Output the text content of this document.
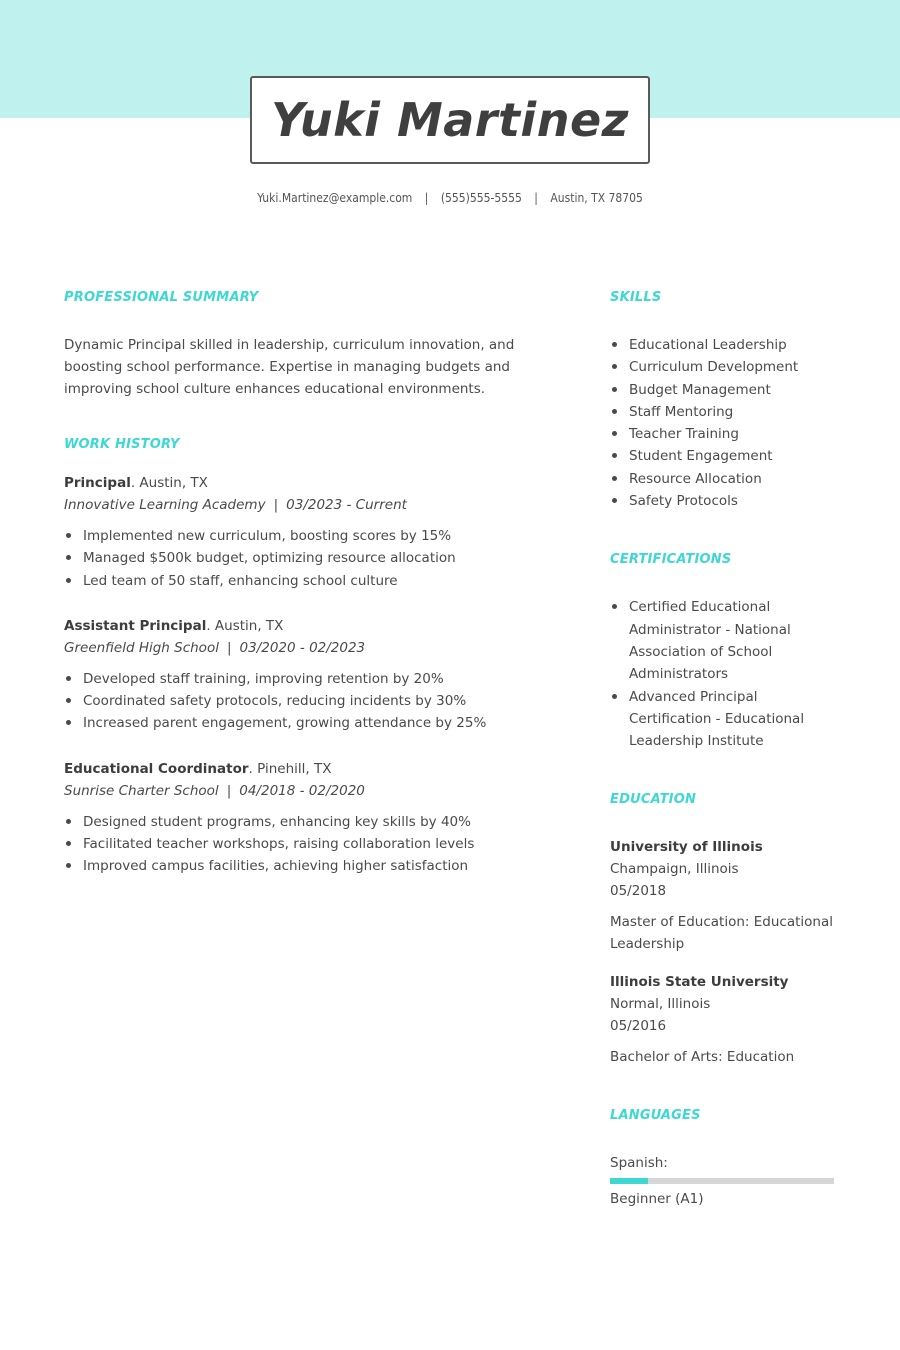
Yuki Martinez
Yuki.Martinez@example.com | (555)555-5555 | Austin, TX 78705
PROFESSIONAL SUMMARY
Dynamic Principal skilled in leadership, curriculum innovation, and boosting school performance. Expertise in managing budgets and improving school culture enhances educational environments.
WORK HISTORY
Principal. Austin, TX
Innovative Learning Academy | 03/2023 - Current
Implemented new curriculum, boosting scores by 15%
Managed $500k budget, optimizing resource allocation
Led team of 50 staff, enhancing school culture
Assistant Principal. Austin, TX
Greenfield High School | 03/2020 - 02/2023
Developed staff training, improving retention by 20%
Coordinated safety protocols, reducing incidents by 30%
Increased parent engagement, growing attendance by 25%
Educational Coordinator. Pinehill, TX
Sunrise Charter School | 04/2018 - 02/2020
Designed student programs, enhancing key skills by 40%
Facilitated teacher workshops, raising collaboration levels
Improved campus facilities, achieving higher satisfaction
SKILLS
Educational Leadership
Curriculum Development
Budget Management
Staff Mentoring
Teacher Training
Student Engagement
Resource Allocation
Safety Protocols
CERTIFICATIONS
Certified Educational Administrator - National Association of School Administrators
Advanced Principal Certification - Educational Leadership Institute
EDUCATION
University of Illinois
Champaign, Illinois
05/2018
Master of Education: Educational Leadership
Illinois State University
Normal, Illinois
05/2016
Bachelor of Arts: Education
LANGUAGES
Spanish:
Beginner (A1)
